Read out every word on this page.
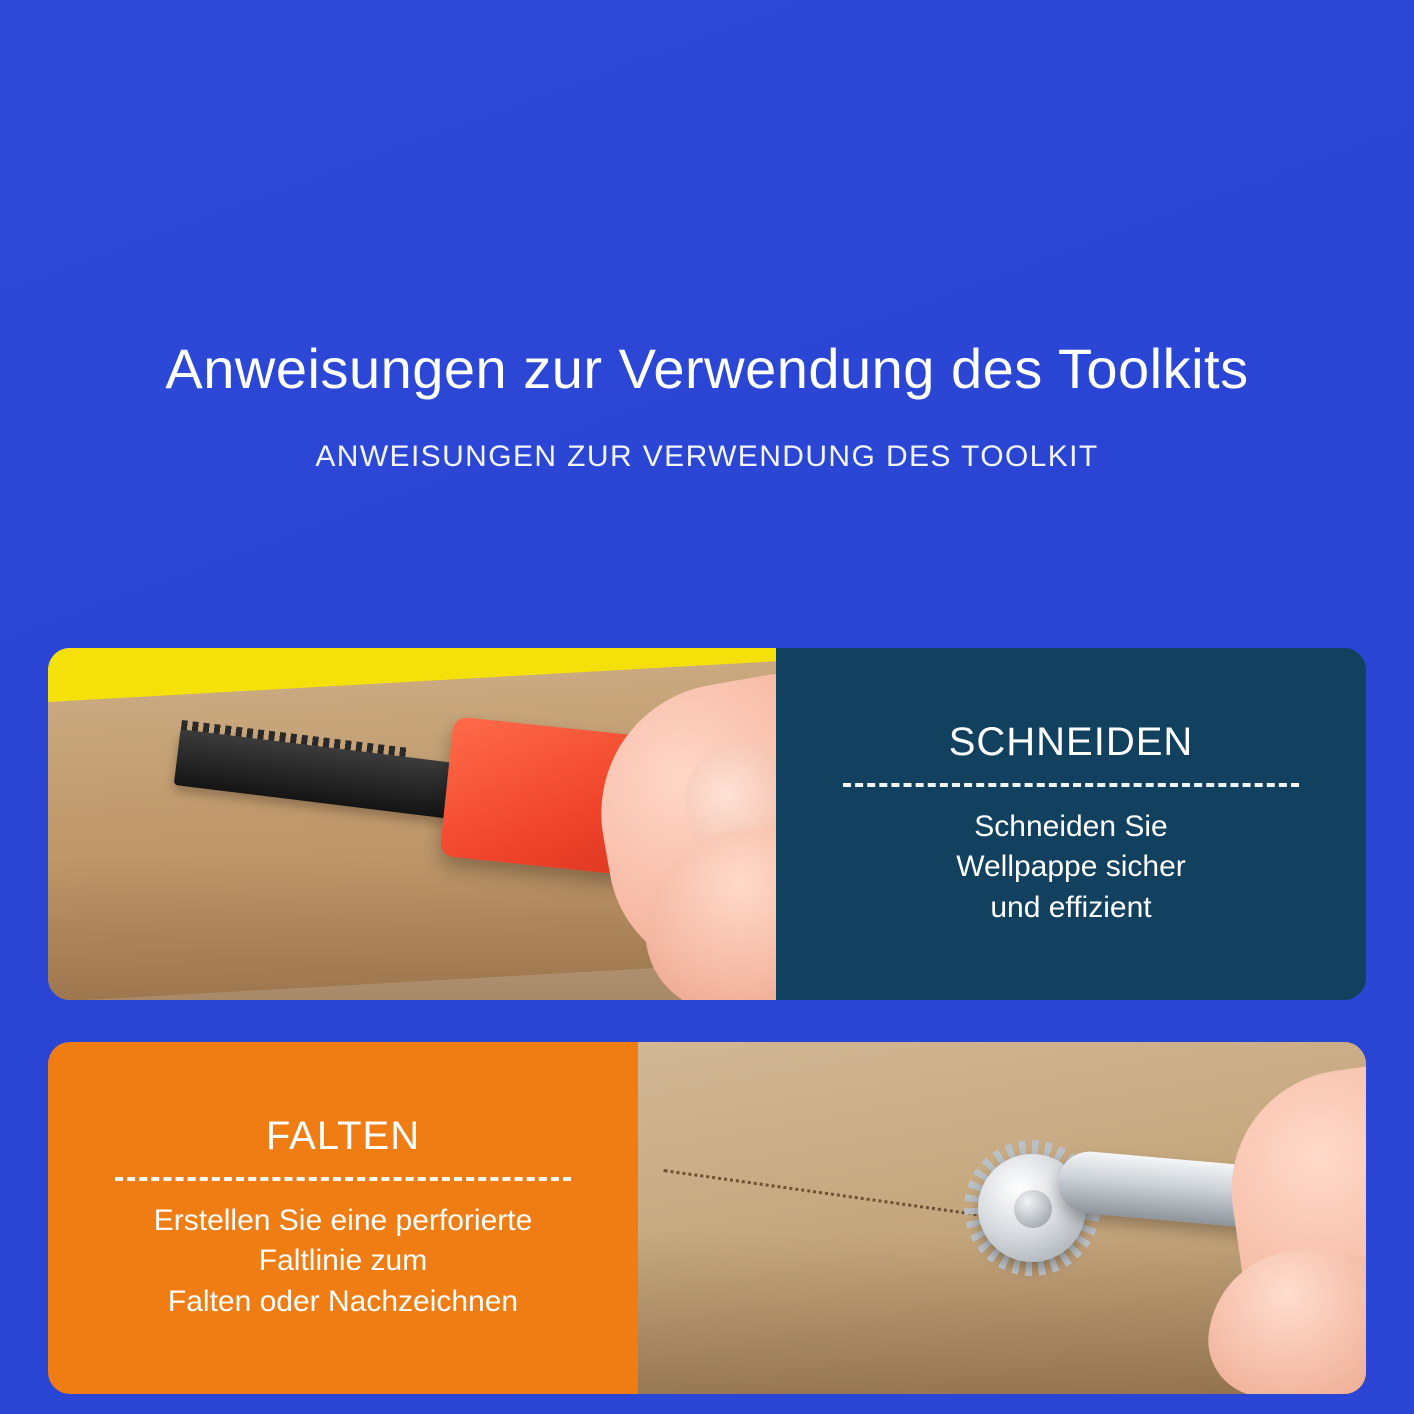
Anweisungen zur Verwendung des Toolkits
ANWEISUNGEN ZUR VERWENDUNG DES TOOLKIT
SCHNEIDEN
Schneiden Sie
Wellpappe sicher
und effizient
FALTEN
Erstellen Sie eine perforierte
Faltlinie zum
Falten oder Nachzeichnen
